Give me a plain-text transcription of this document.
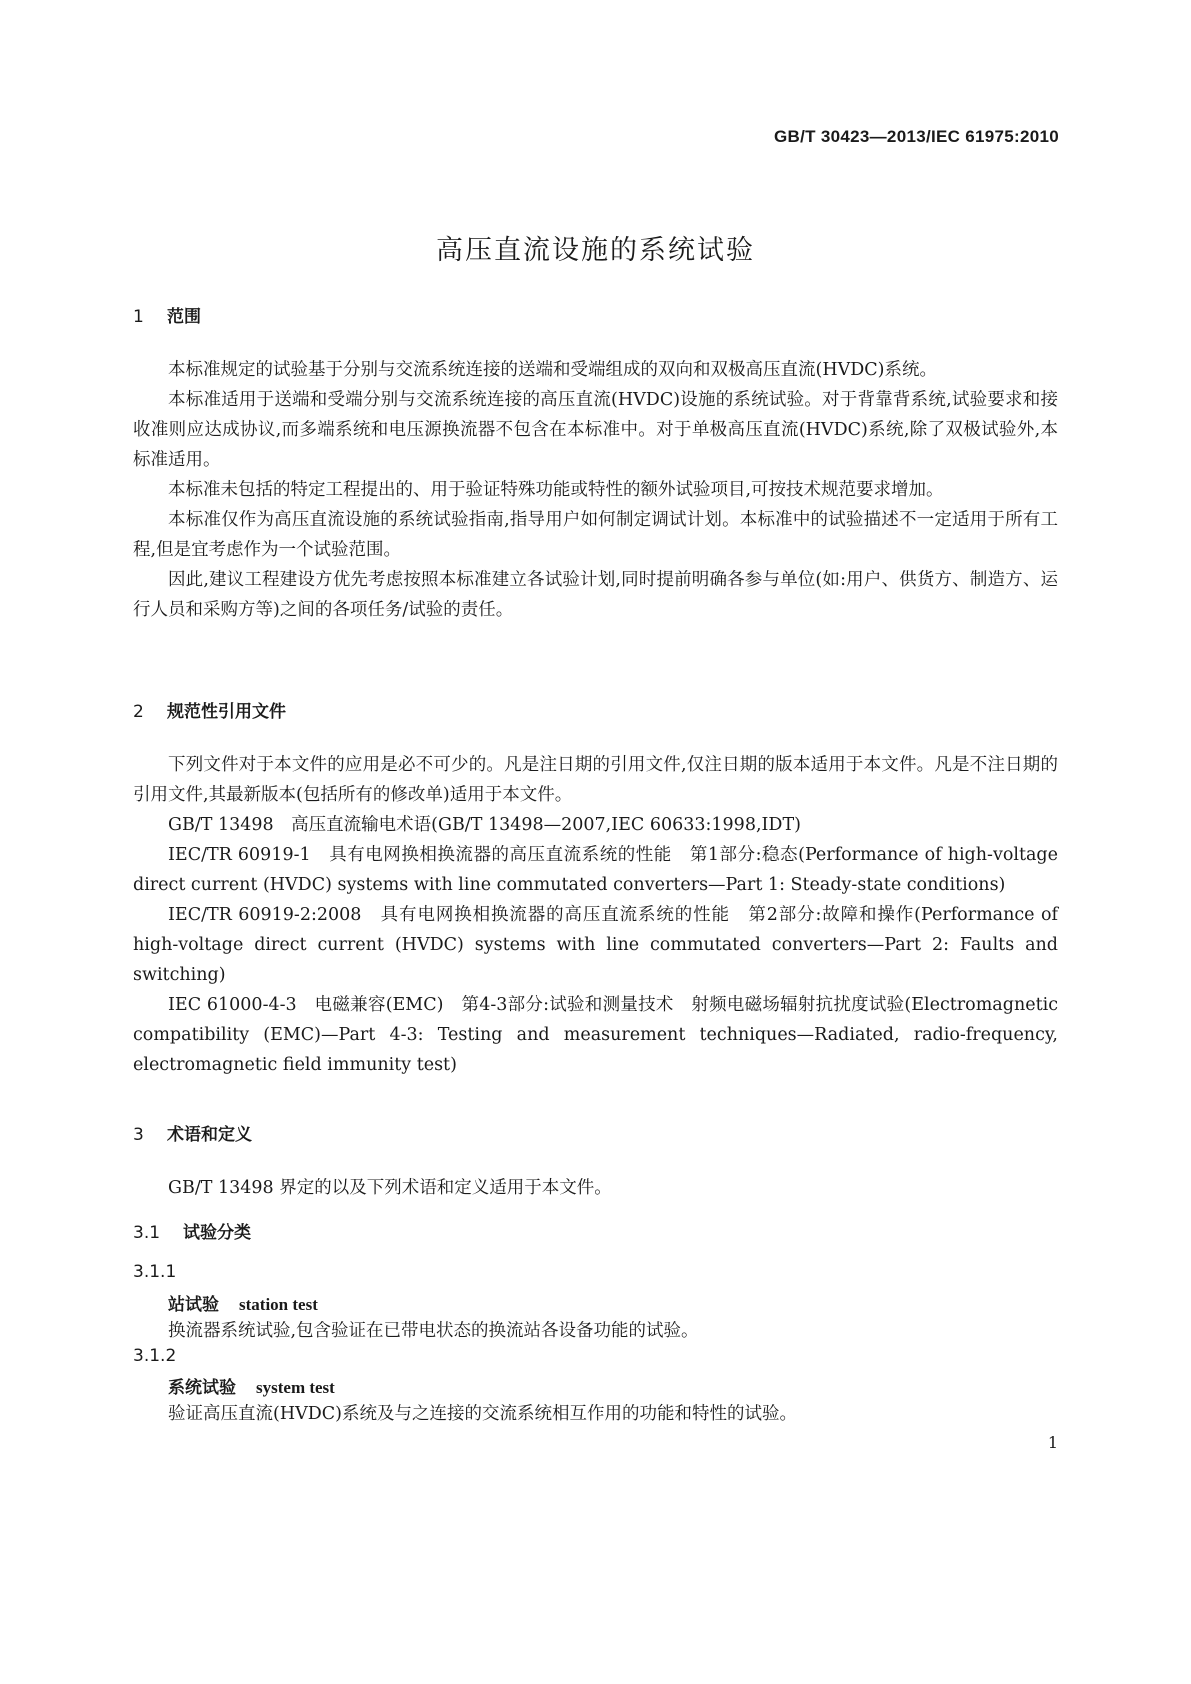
GB/T 30423—2013/IEC 61975:2010
高压直流设施的系统试验
1 范围

本标准规定的试验基于分别与交流系统连接的送端和受端组成的双向和双极高压直流(HVDC)系统。

本标准适用于送端和受端分别与交流系统连接的高压直流(HVDC)设施的系统试验。对于背靠背系统,试验要求和接收准则应达成协议,而多端系统和电压源换流器不包含在本标准中。对于单极高压直流(HVDC)系统,除了双极试验外,本标准适用。

本标准未包括的特定工程提出的、用于验证特殊功能或特性的额外试验项目,可按技术规范要求增加。

本标准仅作为高压直流设施的系统试验指南,指导用户如何制定调试计划。本标准中的试验描述不一定适用于所有工程,但是宜考虑作为一个试验范围。

因此,建议工程建设方优先考虑按照本标准建立各试验计划,同时提前明确各参与单位(如:用户、供货方、制造方、运行人员和采购方等)之间的各项任务/试验的责任。

2 规范性引用文件

下列文件对于本文件的应用是必不可少的。凡是注日期的引用文件,仅注日期的版本适用于本文件。凡是不注日期的引用文件,其最新版本(包括所有的修改单)适用于本文件。

GB/T 13498　高压直流输电术语(GB/T 13498—2007,IEC 60633:1998,IDT)

IEC/TR 60919-1　具有电网换相换流器的高压直流系统的性能　第1部分:稳态(Performance of high-voltage direct current (HVDC) systems with line commutated converters—Part 1: Steady-state conditions)

IEC/TR 60919-2:2008　具有电网换相换流器的高压直流系统的性能　第2部分:故障和操作(Performance of high-voltage direct current (HVDC) systems with line commutated converters—Part 2: Faults and switching)

IEC 61000-4-3　电磁兼容(EMC)　第4-3部分:试验和测量技术　射频电磁场辐射抗扰度试验(Electromagnetic compatibility (EMC)—Part 4-3: Testing and measurement techniques—Radiated, radio-frequency, electromagnetic field immunity test)

3 术语和定义

GB/T 13498 界定的以及下列术语和定义适用于本文件。

3.1 试验分类
3.1.1
站试验 station test
换流器系统试验,包含验证在已带电状态的换流站各设备功能的试验。
3.1.2
系统试验 system test
验证高压直流(HVDC)系统及与之连接的交流系统相互作用的功能和特性的试验。
1
